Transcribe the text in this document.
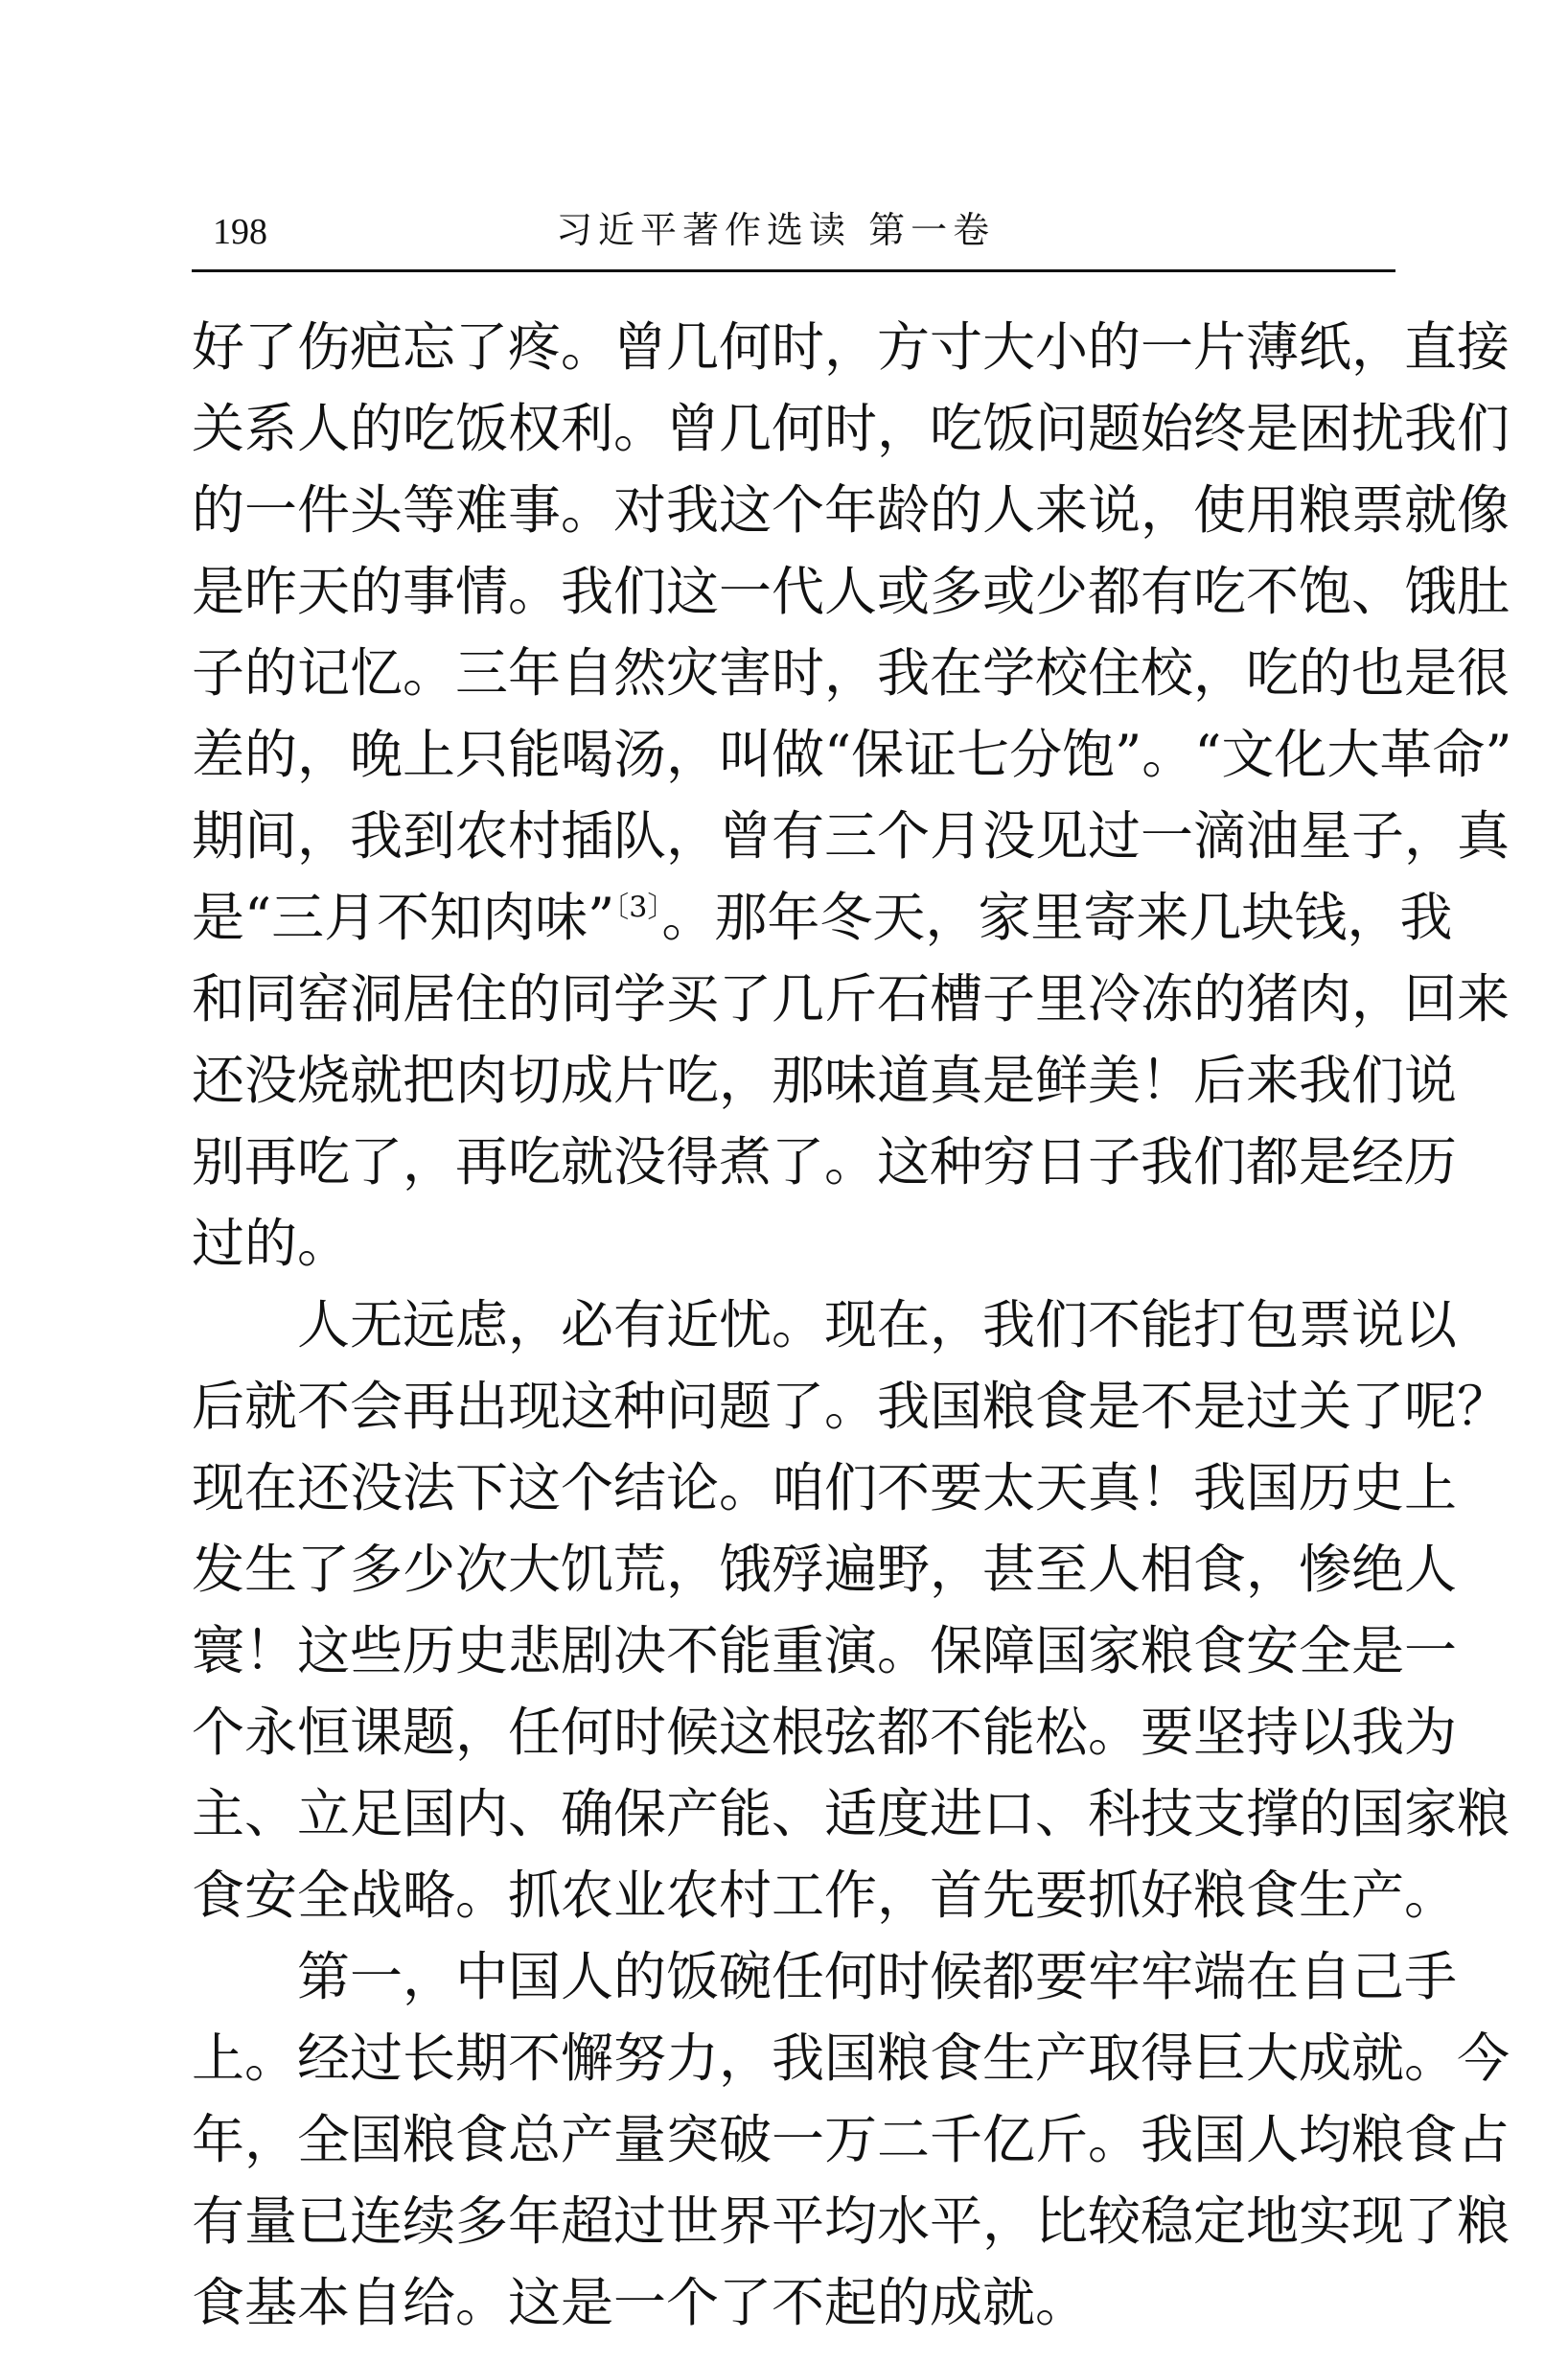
198	习近平著作选读 第一卷
好了伤疤忘了疼。曾几何时，方寸大小的一片薄纸，直接
关系人的吃饭权利。曾几何时，吃饭问题始终是困扰我们
的一件头等难事。对我这个年龄的人来说，使用粮票就像
是昨天的事情。我们这一代人或多或少都有吃不饱、饿肚
子的记忆。三年自然灾害时，我在学校住校，吃的也是很
差的，晚上只能喝汤，叫做“保证七分饱”。“文化大革命”
期间，我到农村插队，曾有三个月没见过一滴油星子，真
是“三月不知肉味”$^{〔3〕}$。那年冬天，家里寄来几块钱，我
和同窑洞居住的同学买了几斤石槽子里冷冻的猪肉，回来
还没烧就把肉切成片吃，那味道真是鲜美！后来我们说
别再吃了，再吃就没得煮了。这种穷日子我们都是经历
过的。
　　人无远虑，必有近忧。现在，我们不能打包票说以
后就不会再出现这种问题了。我国粮食是不是过关了呢？
现在还没法下这个结论。咱们不要太天真！我国历史上
发生了多少次大饥荒，饿殍遍野，甚至人相食，惨绝人
寰！这些历史悲剧决不能重演。保障国家粮食安全是一
个永恒课题，任何时候这根弦都不能松。要坚持以我为
主、立足国内、确保产能、适度进口、科技支撑的国家粮
食安全战略。抓农业农村工作，首先要抓好粮食生产。
　　第一，中国人的饭碗任何时候都要牢牢端在自己手
上。经过长期不懈努力，我国粮食生产取得巨大成就。今
年，全国粮食总产量突破一万二千亿斤。我国人均粮食占
有量已连续多年超过世界平均水平，比较稳定地实现了粮
食基本自给。这是一个了不起的成就。
